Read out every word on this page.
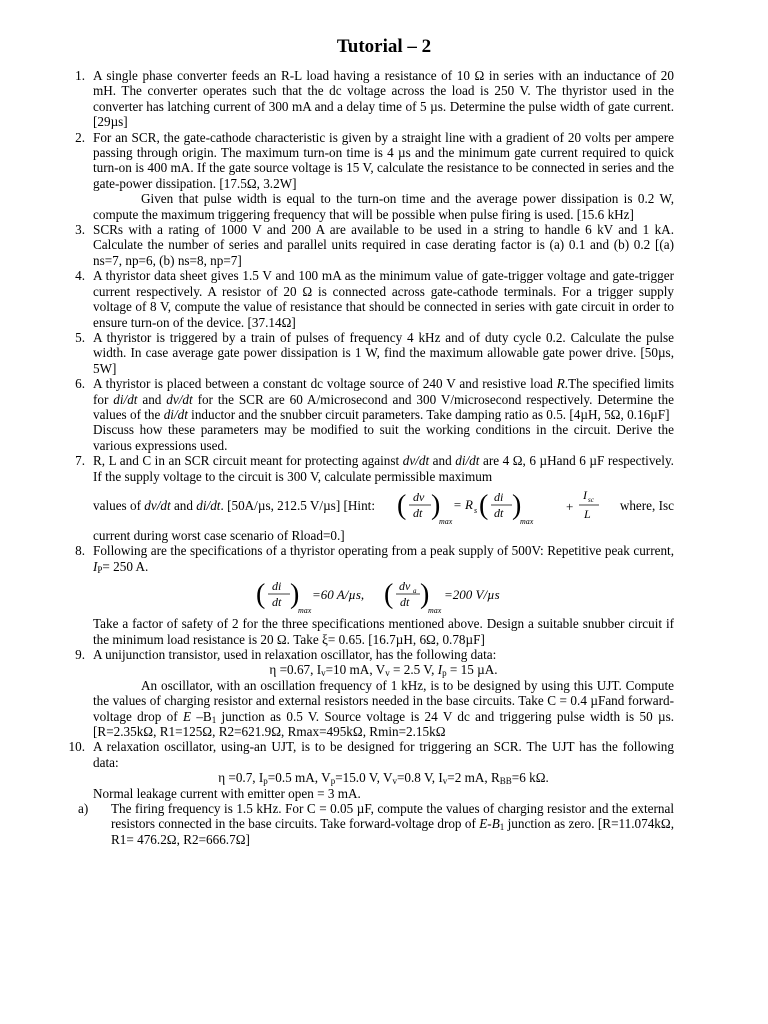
Tutorial – 2
1. A single phase converter feeds an R-L load having a resistance of 10 Ω in series with an inductance of 20 mH. The converter operates such that the dc voltage across the load is 250 V. The thyristor used in the converter has latching current of 300 mA and a delay time of 5 µs. Determine the pulse width of gate current. [29µs]

2. For an SCR, the gate-cathode characteristic is given by a straight line with a gradient of 20 volts per ampere passing through origin. The maximum turn-on time is 4 µs and the minimum gate current required to quick turn-on is 400 mA. If the gate source voltage is 15 V, calculate the resistance to be connected in series and the gate-power dissipation. [17.5Ω, 3.2W]

Given that pulse width is equal to the turn-on time and the average power dissipation is 0.2 W, compute the maximum triggering frequency that will be possible when pulse firing is used. [15.6 kHz]

3. SCRs with a rating of 1000 V and 200 A are available to be used in a string to handle 6 kV and 1 kA. Calculate the number of series and parallel units required in case derating factor is (a) 0.1 and (b) 0.2 [(a) ns=7, np=6, (b) ns=8, np=7]

4. A thyristor data sheet gives 1.5 V and 100 mA as the minimum value of gate-trigger voltage and gate-trigger current respectively. A resistor of 20 Ω is connected across gate-cathode terminals. For a trigger supply voltage of 8 V, compute the value of resistance that should be connected in series with gate circuit in order to ensure turn-on of the device. [37.14Ω]

5. A thyristor is triggered by a train of pulses of frequency 4 kHz and of duty cycle 0.2. Calculate the pulse width. In case average gate power dissipation is 1 W, find the maximum allowable gate power drive. [50µs, 5W]

6. A thyristor is placed between a constant dc voltage source of 240 V and resistive load R.The specified limits for di/dt and dv/dt for the SCR are 60 A/microsecond and 300 V/microsecond respectively. Determine the values of the di/dt inductor and the snubber circuit parameters. Take damping ratio as 0.5. [4µH, 5Ω, 0.16µF]

Discuss how these parameters may be modified to suit the working conditions in the circuit. Derive the various expressions used.

7. R, L and C in an SCR circuit meant for protecting against dv/dt and di/dt are 4 Ω, 6 µHand 6 µF respectively. If the supply voltage to the circuit is 300 V, calculate permissible maximum

values of dv/dt and di/dt. [50A/µs, 212.5 V/µs] [Hint: ( dv
dt )
max
= R s ( di
dt )
max
+
I sc
L
where, Isc

current during worst case scenario of Rload=0.]

8. Following are the specifications of a thyristor operating from a peak supply of 500V: Repetitive peak current, $I_P= 250$ A.

( di
dt )
max
=60 A/µs, ( dv a
dt )
max
=200 V/µs

Take a factor of safety of 2 for the three specifications mentioned above. Design a suitable snubber circuit if the minimum load resistance is 20 Ω. Take ξ= 0.65. [16.7µH, 6Ω, 0.78µF]

9. A unijunction transistor, used in relaxation oscillator, has the following data:

η =0.67, $I_v=10$ mA, $V_v = 2.5$ V, $I_p = 15$ µA.

An oscillator, with an oscillation frequency of 1 kHz, is to be designed by using this UJT. Compute the values of charging resistor and external resistors needed in the base circuits. Take C = 0.4 µFand forward-voltage drop of E $-B_1$ junction as 0.5 V. Source voltage is 24 V dc and triggering pulse width is 50 µs. [R=2.35kΩ, R1=125Ω, R2=621.9Ω, Rmax=495kΩ, Rmin=2.15kΩ

10. A relaxation oscillator, using-an UJT, is to be designed for triggering an SCR. The UJT has the following data:

η =0.7, $I_p=0.5$ mA, $V_p=15.0$ V, $V_v=0.8$ V, $I_v=2$ mA, $R_{BB}=6$ kΩ.

Normal leakage current with emitter open = 3 mA.

a) The firing frequency is 1.5 kHz. For C = 0.05 µF, compute the values of charging resistor and the external resistors connected in the base circuits. Take forward-voltage drop of $E-B_1$ junction as zero. [R=11.074kΩ, R1= 476.2Ω, R2=666.7Ω]
